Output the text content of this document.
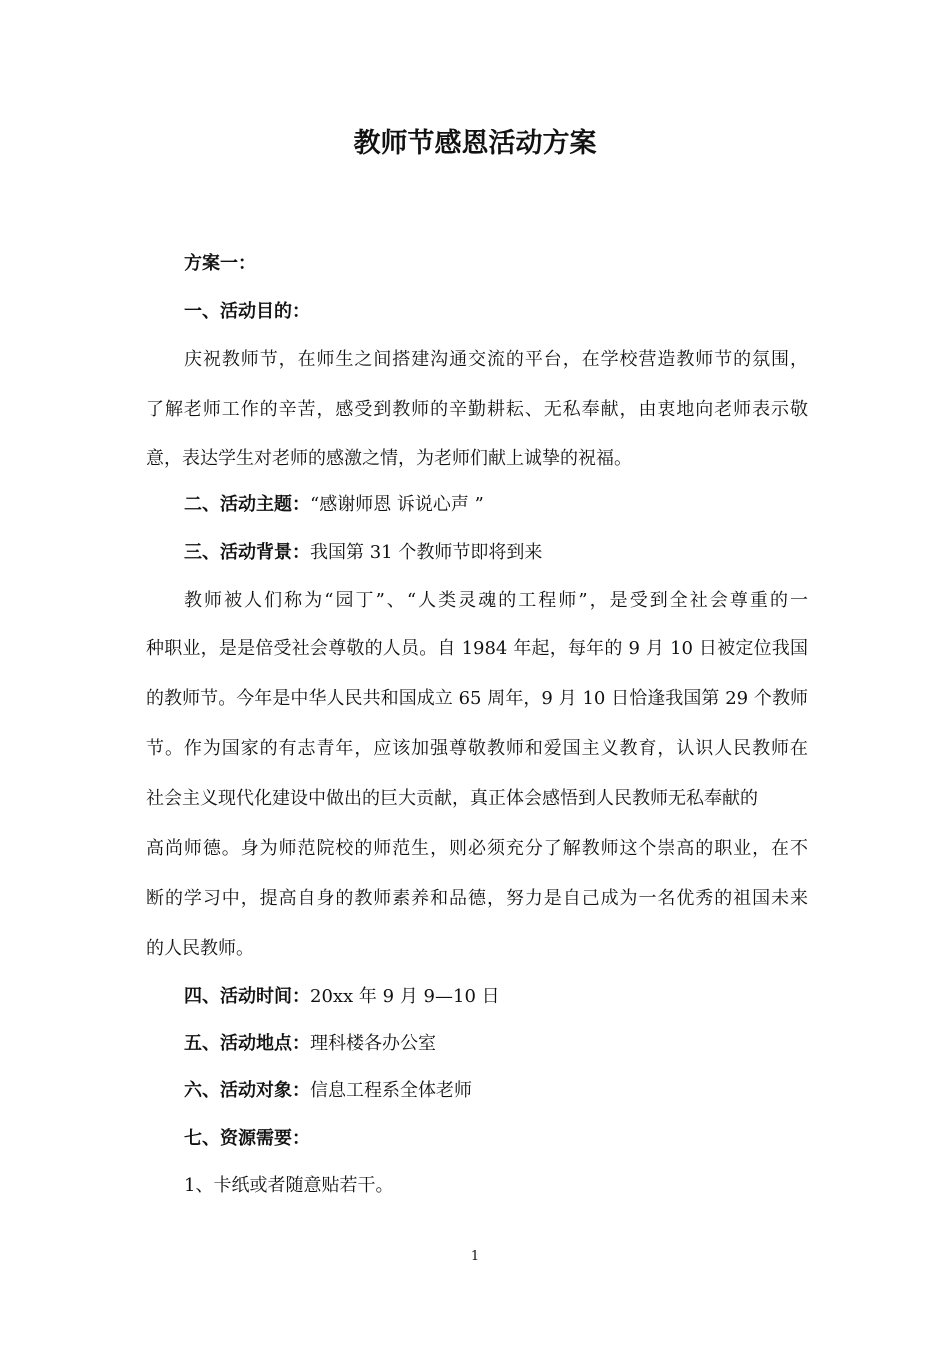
教师节感恩活动方案

方案一：

一、活动目的：

庆祝教师节，在师生之间搭建沟通交流的平台，在学校营造教师节的氛围，

了解老师工作的辛苦，感受到教师的辛勤耕耘、无私奉献，由衷地向老师表示敬

意，表达学生对老师的感激之情，为老师们献上诚挚的祝福。

二、活动主题：“感谢师恩 诉说心声 ”

三、活动背景：我国第 31 个教师节即将到来

教师被人们称为“园丁”、“人类灵魂的工程师”，是受到全社会尊重的一

种职业，是是倍受社会尊敬的人员。自 1984 年起，每年的 9 月 10 日被定位我国

的教师节。今年是中华人民共和国成立 65 周年，9 月 10 日恰逢我国第 29 个教师

节。作为国家的有志青年，应该加强尊敬教师和爱国主义教育，认识人民教师在

社会主义现代化建设中做出的巨大贡献，真正体会感悟到人民教师无私奉献的

高尚师德。身为师范院校的师范生，则必须充分了解教师这个崇高的职业，在不

断的学习中，提高自身的教师素养和品德，努力是自己成为一名优秀的祖国未来

的人民教师。

四、活动时间：20xx 年 9 月 9—10 日

五、活动地点：理科楼各办公室

六、活动对象：信息工程系全体老师

七、资源需要：

1、卡纸或者随意贴若干。

1
